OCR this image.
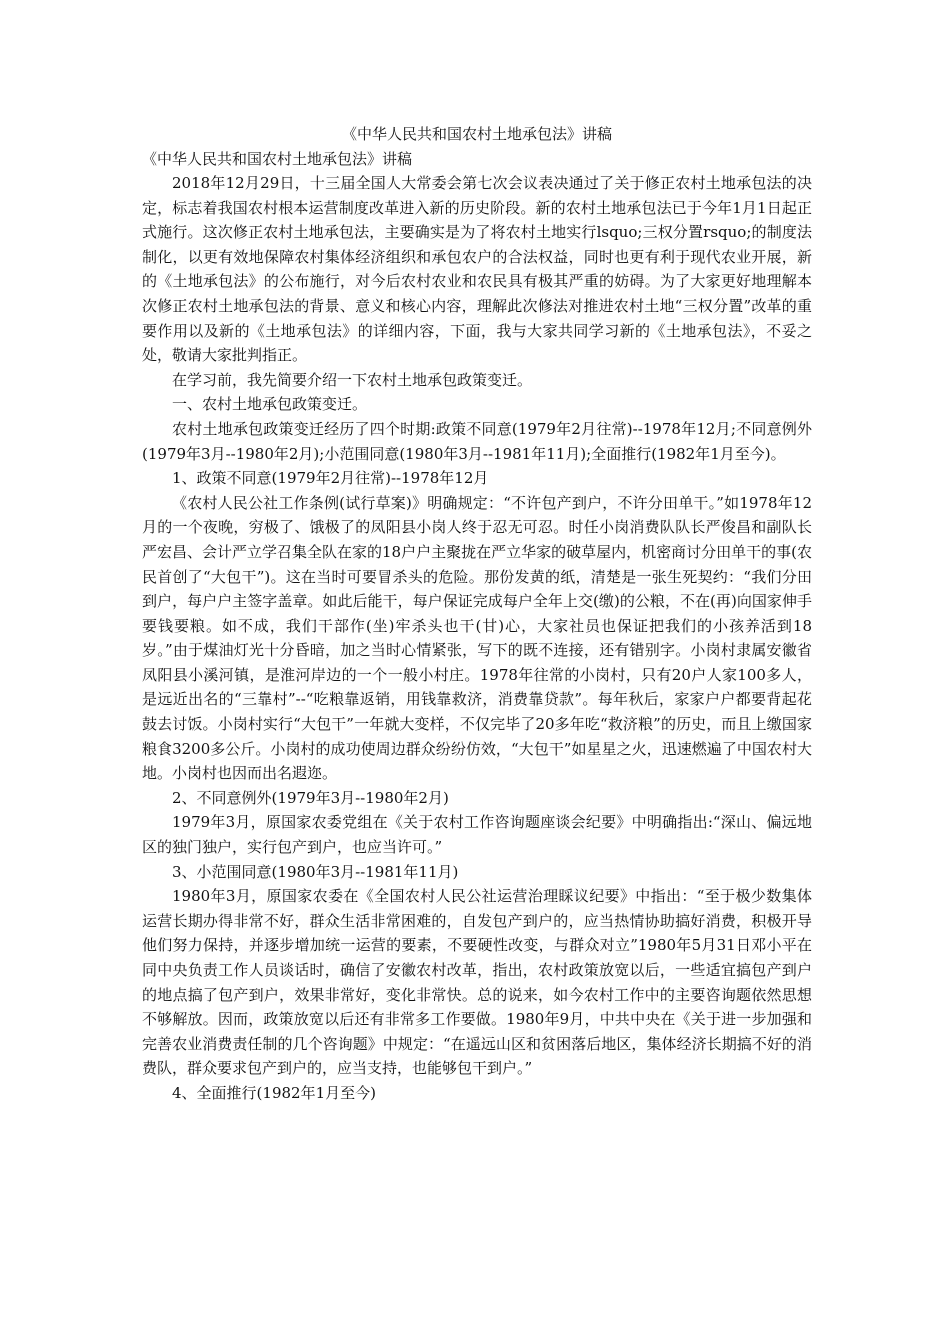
《中华人民共和国农村土地承包法》讲稿

《中华人民共和国农村土地承包法》讲稿

2018年12月29日，十三届全国人大常委会第七次会议表决通过了关于修正农村土地承包法的决定，标志着我国农村根本运营制度改革进入新的历史阶段。新的农村土地承包法已于今年1月1日起正式施行。这次修正农村土地承包法，主要确实是为了将农村土地实行lsquo;三权分置rsquo;的制度法制化，以更有效地保障农村集体经济组织和承包农户的合法权益，同时也更有利于现代农业开展，新的《土地承包法》的公布施行，对今后农村农业和农民具有极其严重的妨碍。为了大家更好地理解本次修正农村土地承包法的背景、意义和核心内容，理解此次修法对推进农村土地“三权分置”改革的重要作用以及新的《土地承包法》的详细内容，下面，我与大家共同学习新的《土地承包法》，不妥之处，敬请大家批判指正。

在学习前，我先简要介绍一下农村土地承包政策变迁。

一、农村土地承包政策变迁。

农村土地承包政策变迁经历了四个时期:政策不同意(1979年2月往常)--1978年12月;不同意例外(1979年3月--1980年2月);小范围同意(1980年3月--1981年11月);全面推行(1982年1月至今)。

1、政策不同意(1979年2月往常)--1978年12月

《农村人民公社工作条例(试行草案)》明确规定：“不许包产到户，不许分田单干。”如1978年12月的一个夜晚，穷极了、饿极了的凤阳县小岗人终于忍无可忍。时任小岗消费队队长严俊昌和副队长严宏昌、会计严立学召集全队在家的18户户主聚拢在严立华家的破草屋内，机密商讨分田单干的事(农民首创了“大包干”)。这在当时可要冒杀头的危险。那份发黄的纸，清楚是一张生死契约：“我们分田到户，每户户主签字盖章。如此后能干，每户保证完成每户全年上交(缴)的公粮，不在(再)向国家伸手要钱要粮。如不成，我们干部作(坐)牢杀头也干(甘)心，大家社员也保证把我们的小孩养活到18岁。”由于煤油灯光十分昏暗，加之当时心情紧张，写下的既不连接，还有错别字。小岗村隶属安徽省凤阳县小溪河镇，是淮河岸边的一个一般小村庄。1978年往常的小岗村，只有20户人家100多人，是远近出名的“三靠村”--“吃粮靠返销，用钱靠救济，消费靠贷款”。每年秋后，家家户户都要背起花鼓去讨饭。小岗村实行“大包干”一年就大变样，不仅完毕了20多年吃“救济粮”的历史，而且上缴国家粮食3200多公斤。小岗村的成功使周边群众纷纷仿效，“大包干”如星星之火，迅速燃遍了中国农村大地。小岗村也因而出名遐迩。

2、不同意例外(1979年3月--1980年2月)

1979年3月，原国家农委党组在《关于农村工作咨询题座谈会纪要》中明确指出:“深山、偏远地区的独门独户，实行包产到户，也应当许可。”

3、小范围同意(1980年3月--1981年11月)

1980年3月，原国家农委在《全国农村人民公社运营治理睬议纪要》中指出：“至于极少数集体运营长期办得非常不好，群众生活非常困难的，自发包产到户的，应当热情协助搞好消费，积极开导他们努力保持，并逐步增加统一运营的要素，不要硬性改变，与群众对立”1980年5月31日邓小平在同中央负责工作人员谈话时，确信了安徽农村改革，指出，农村政策放宽以后，一些适宜搞包产到户的地点搞了包产到户，效果非常好，变化非常快。总的说来，如今农村工作中的主要咨询题依然思想不够解放。因而，政策放宽以后还有非常多工作要做。1980年9月，中共中央在《关于进一步加强和完善农业消费责任制的几个咨询题》中规定：“在遥远山区和贫困落后地区，集体经济长期搞不好的消费队，群众要求包产到户的，应当支持，也能够包干到户。”

4、全面推行(1982年1月至今)
